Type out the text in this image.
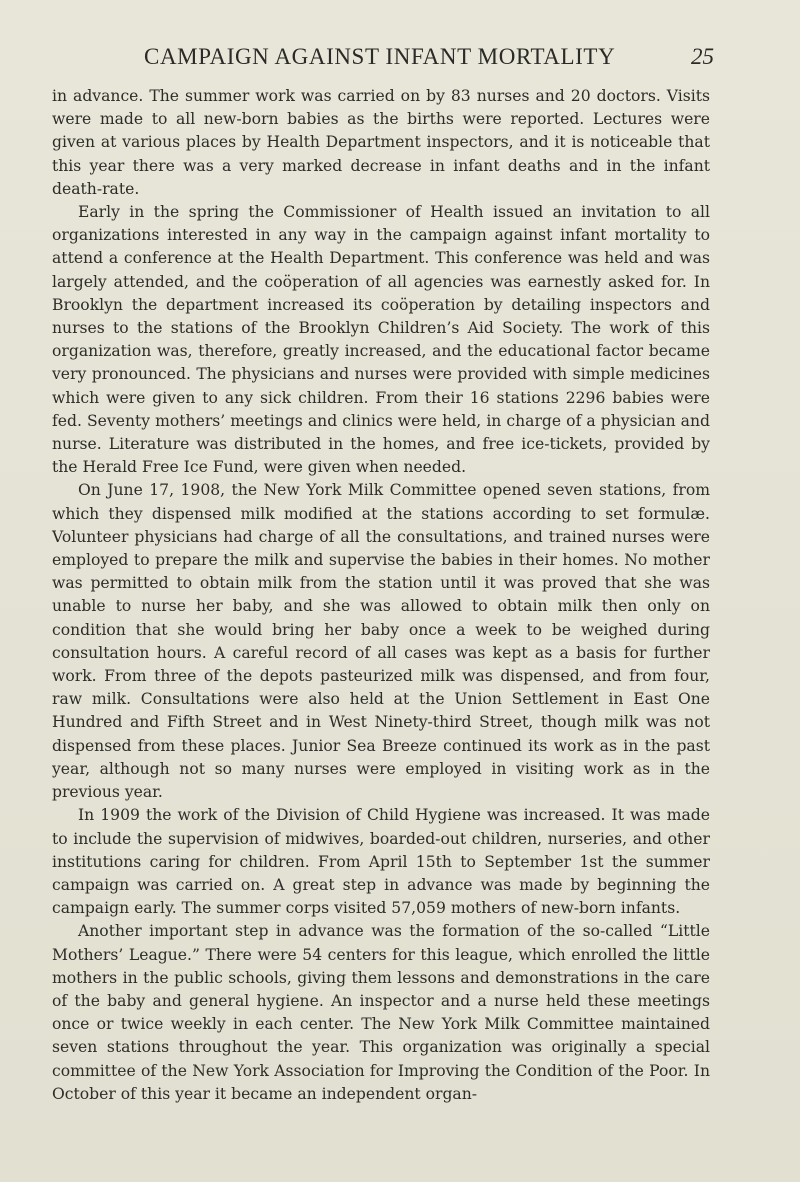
CAMPAIGN AGAINST INFANT MORTALITY	25

in advance. The summer work was carried on by 83 nurses and 20 doctors. Visits were made to all new-born babies as the births were reported. Lectures were given at various places by Health Department inspectors, and it is noticeable that this year there was a very marked decrease in infant deaths and in the infant death-rate.

Early in the spring the Commissioner of Health issued an invitation to all organizations interested in any way in the campaign against infant mortality to attend a conference at the Health Department. This conference was held and was largely attended, and the coöperation of all agencies was earnestly asked for. In Brooklyn the department increased its coöperation by detailing inspectors and nurses to the stations of the Brooklyn Children’s Aid Society. The work of this organization was, therefore, greatly increased, and the educational factor became very pronounced. The physicians and nurses were provided with simple medicines which were given to any sick children. From their 16 stations 2296 babies were fed. Seventy mothers’ meetings and clinics were held, in charge of a physician and nurse. Literature was distributed in the homes, and free ice-tickets, provided by the Herald Free Ice Fund, were given when needed.

On June 17, 1908, the New York Milk Committee opened seven stations, from which they dispensed milk modified at the stations according to set formulæ. Volunteer physicians had charge of all the consultations, and trained nurses were employed to prepare the milk and supervise the babies in their homes. No mother was permitted to obtain milk from the station until it was proved that she was unable to nurse her baby, and she was allowed to obtain milk then only on condition that she would bring her baby once a week to be weighed during consultation hours. A careful record of all cases was kept as a basis for further work. From three of the depots pasteurized milk was dispensed, and from four, raw milk. Consultations were also held at the Union Settlement in East One Hundred and Fifth Street and in West Ninety-third Street, though milk was not dispensed from these places. Junior Sea Breeze continued its work as in the past year, although not so many nurses were employed in visiting work as in the previous year.

In 1909 the work of the Division of Child Hygiene was increased. It was made to include the supervision of midwives, boarded-out children, nurseries, and other institutions caring for children. From April 15th to September 1st the summer campaign was carried on. A great step in advance was made by beginning the campaign early. The summer corps visited 57,059 mothers of new-born infants.

Another important step in advance was the formation of the so-called “Little Mothers’ League.” There were 54 centers for this league, which enrolled the little mothers in the public schools, giving them lessons and demonstrations in the care of the baby and general hygiene. An inspector and a nurse held these meetings once or twice weekly in each center. The New York Milk Committee maintained seven stations throughout the year. This organization was originally a special committee of the New York Association for Improving the Condition of the Poor. In October of this year it became an independent organ-
